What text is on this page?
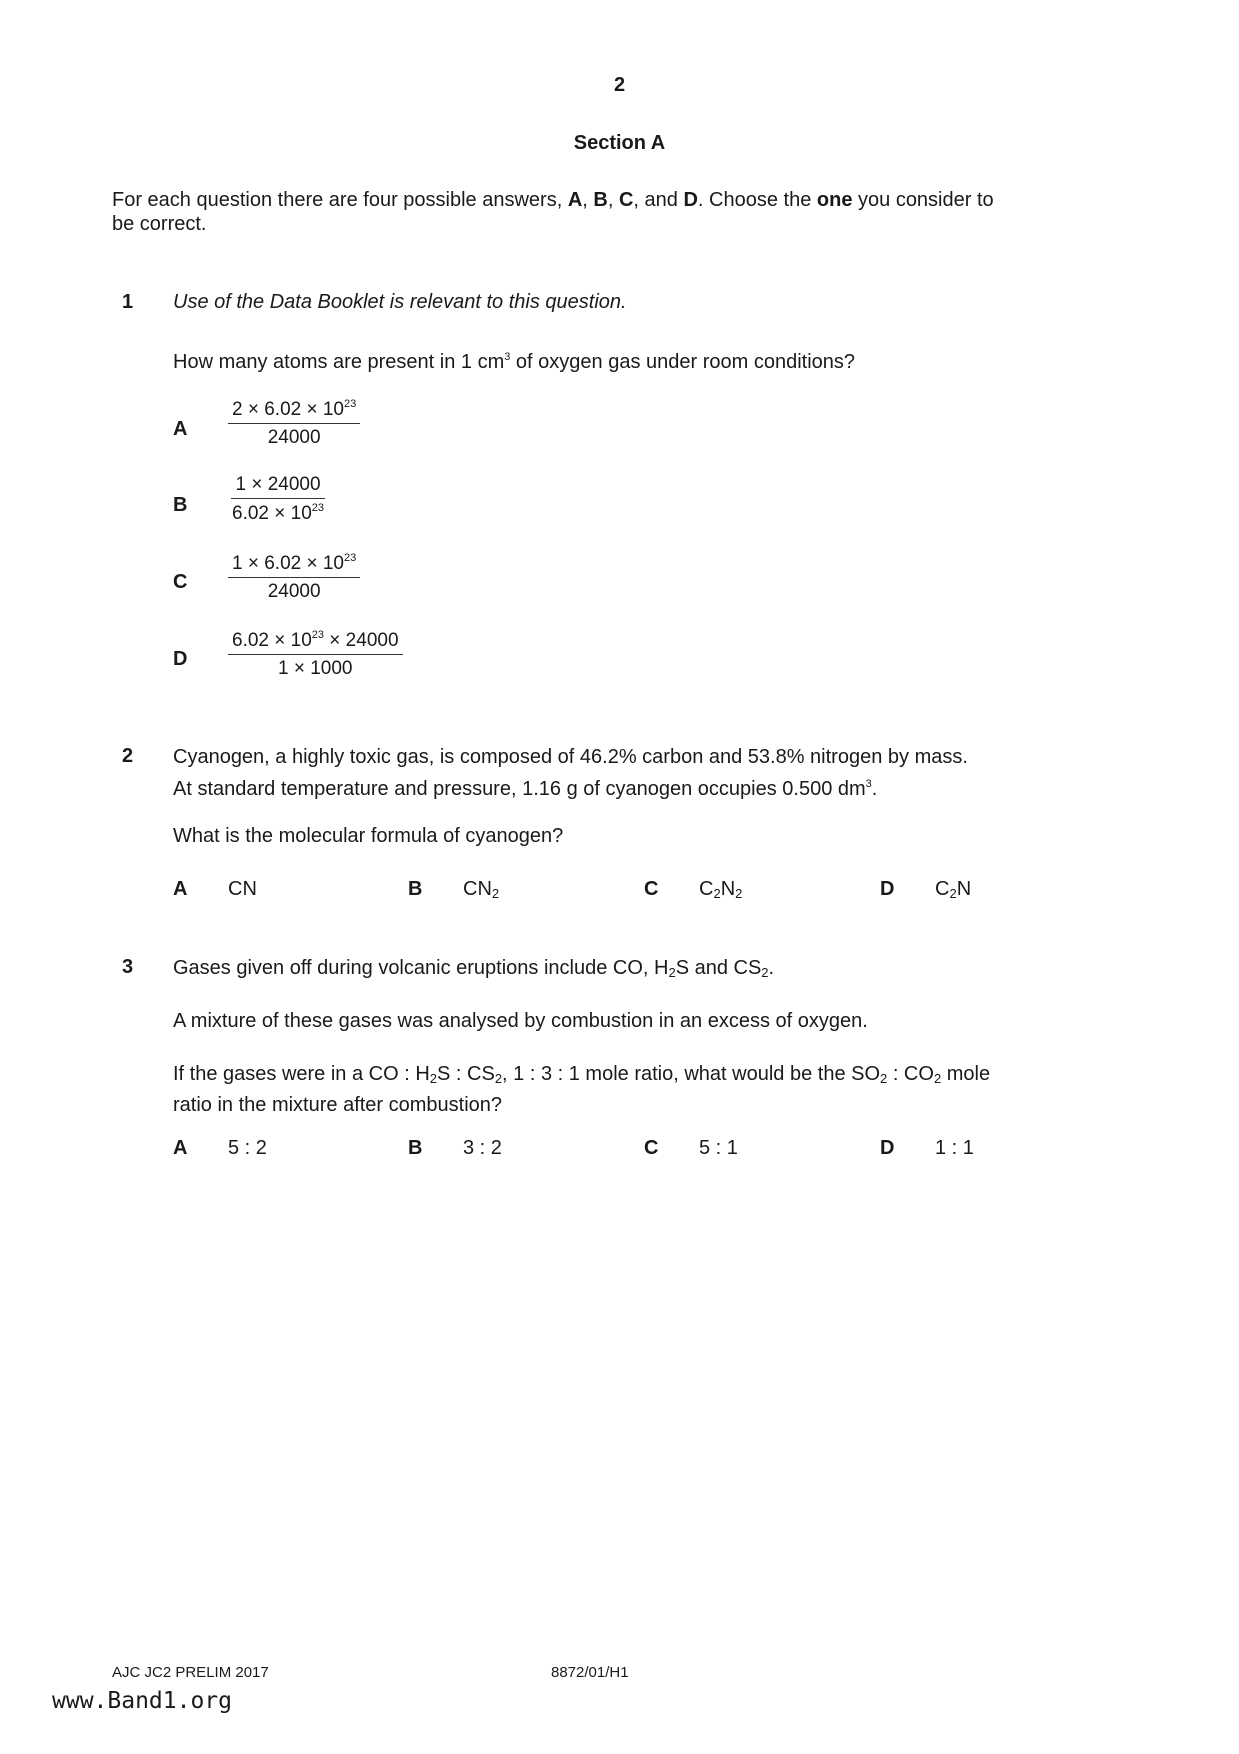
2
Section A
For each question there are four possible answers, A, B, C, and D. Choose the one you consider to
be correct.
1 Use of the Data Booklet is relevant to this question.
How many atoms are present in 1 $cm^3$ of oxygen gas under room conditions?
A $\frac{2 \times 6.02 \times 10^{23}}{24000}$
B $\frac{1 \times 24000}{6.02 \times 10^{23}}$
C $\frac{1 \times 6.02 \times 10^{23}}{24000}$
D $\frac{6.02 \times 10^{23} \times 24000}{1 \times 1000}$
2 Cyanogen, a highly toxic gas, is composed of 46.2% carbon and 53.8% nitrogen by mass.
At standard temperature and pressure, 1.16 g of cyanogen occupies 0.500 $dm^3$.
What is the molecular formula of cyanogen?
A CN	B $CN_2$	C $C_2N_2$	D $C_2N$
3 Gases given off during volcanic eruptions include CO, $H_2S$ and $CS_2$.
A mixture of these gases was analysed by combustion in an excess of oxygen.
If the gases were in a CO : $H_2S$ : $CS_2$, 1 : 3 : 1 mole ratio, what would be the $SO_2$ : $CO_2$ mole
ratio in the mixture after combustion?
A 5 : 2	B 3 : 2	C 5 : 1	D 1 : 1
AJC JC2 PRELIM 2017	8872/01/H1
www.Band1.org
